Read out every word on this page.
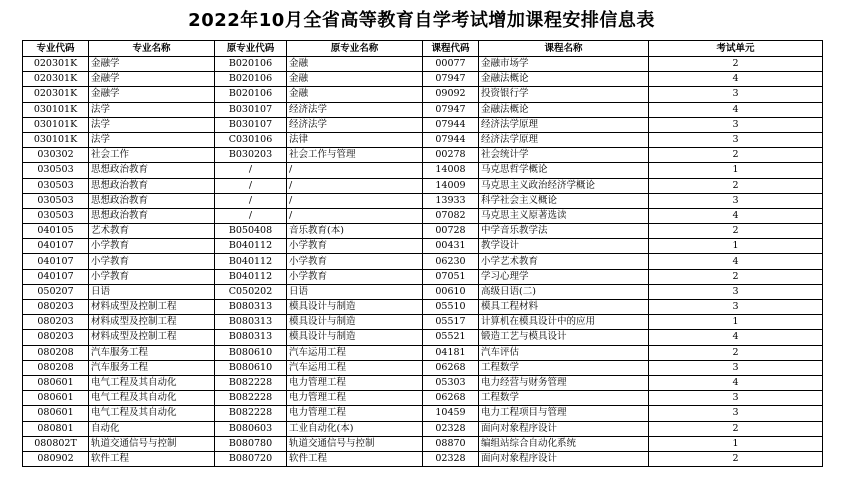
2022年10月全省高等教育自学考试增加课程安排信息表
专业代码	专业名称	原专业代码	原专业名称	课程代码	课程名称	考试单元
020301K	金融学	B020106	金融	00077	金融市场学	2
020301K	金融学	B020106	金融	07947	金融法概论	4
020301K	金融学	B020106	金融	09092	投资银行学	3
030101K	法学	B030107	经济法学	07947	金融法概论	4
030101K	法学	B030107	经济法学	07944	经济法学原理	3
030101K	法学	C030106	法律	07944	经济法学原理	3
030302	社会工作	B030203	社会工作与管理	00278	社会统计学	2
030503	思想政治教育	/	/	14008	马克思哲学概论	1
030503	思想政治教育	/	/	14009	马克思主义政治经济学概论	2
030503	思想政治教育	/	/	13933	科学社会主义概论	3
030503	思想政治教育	/	/	07082	马克思主义原著选读	4
040105	艺术教育	B050408	音乐教育(本)	00728	中学音乐教学法	2
040107	小学教育	B040112	小学教育	00431	教学设计	1
040107	小学教育	B040112	小学教育	06230	小学艺术教育	4
040107	小学教育	B040112	小学教育	07051	学习心理学	2
050207	日语	C050202	日语	00610	高级日语(二)	3
080203	材料成型及控制工程	B080313	模具设计与制造	05510	模具工程材料	3
080203	材料成型及控制工程	B080313	模具设计与制造	05517	计算机在模具设计中的应用	1
080203	材料成型及控制工程	B080313	模具设计与制造	05521	锻造工艺与模具设计	4
080208	汽车服务工程	B080610	汽车运用工程	04181	汽车评估	2
080208	汽车服务工程	B080610	汽车运用工程	06268	工程数学	3
080601	电气工程及其自动化	B082228	电力管理工程	05303	电力经营与财务管理	4
080601	电气工程及其自动化	B082228	电力管理工程	06268	工程数学	3
080601	电气工程及其自动化	B082228	电力管理工程	10459	电力工程项目与管理	3
080801	自动化	B080603	工业自动化(本)	02328	面向对象程序设计	2
080802T	轨道交通信号与控制	B080780	轨道交通信号与控制	08870	编组站综合自动化系统	1
080902	软件工程	B080720	软件工程	02328	面向对象程序设计	2
